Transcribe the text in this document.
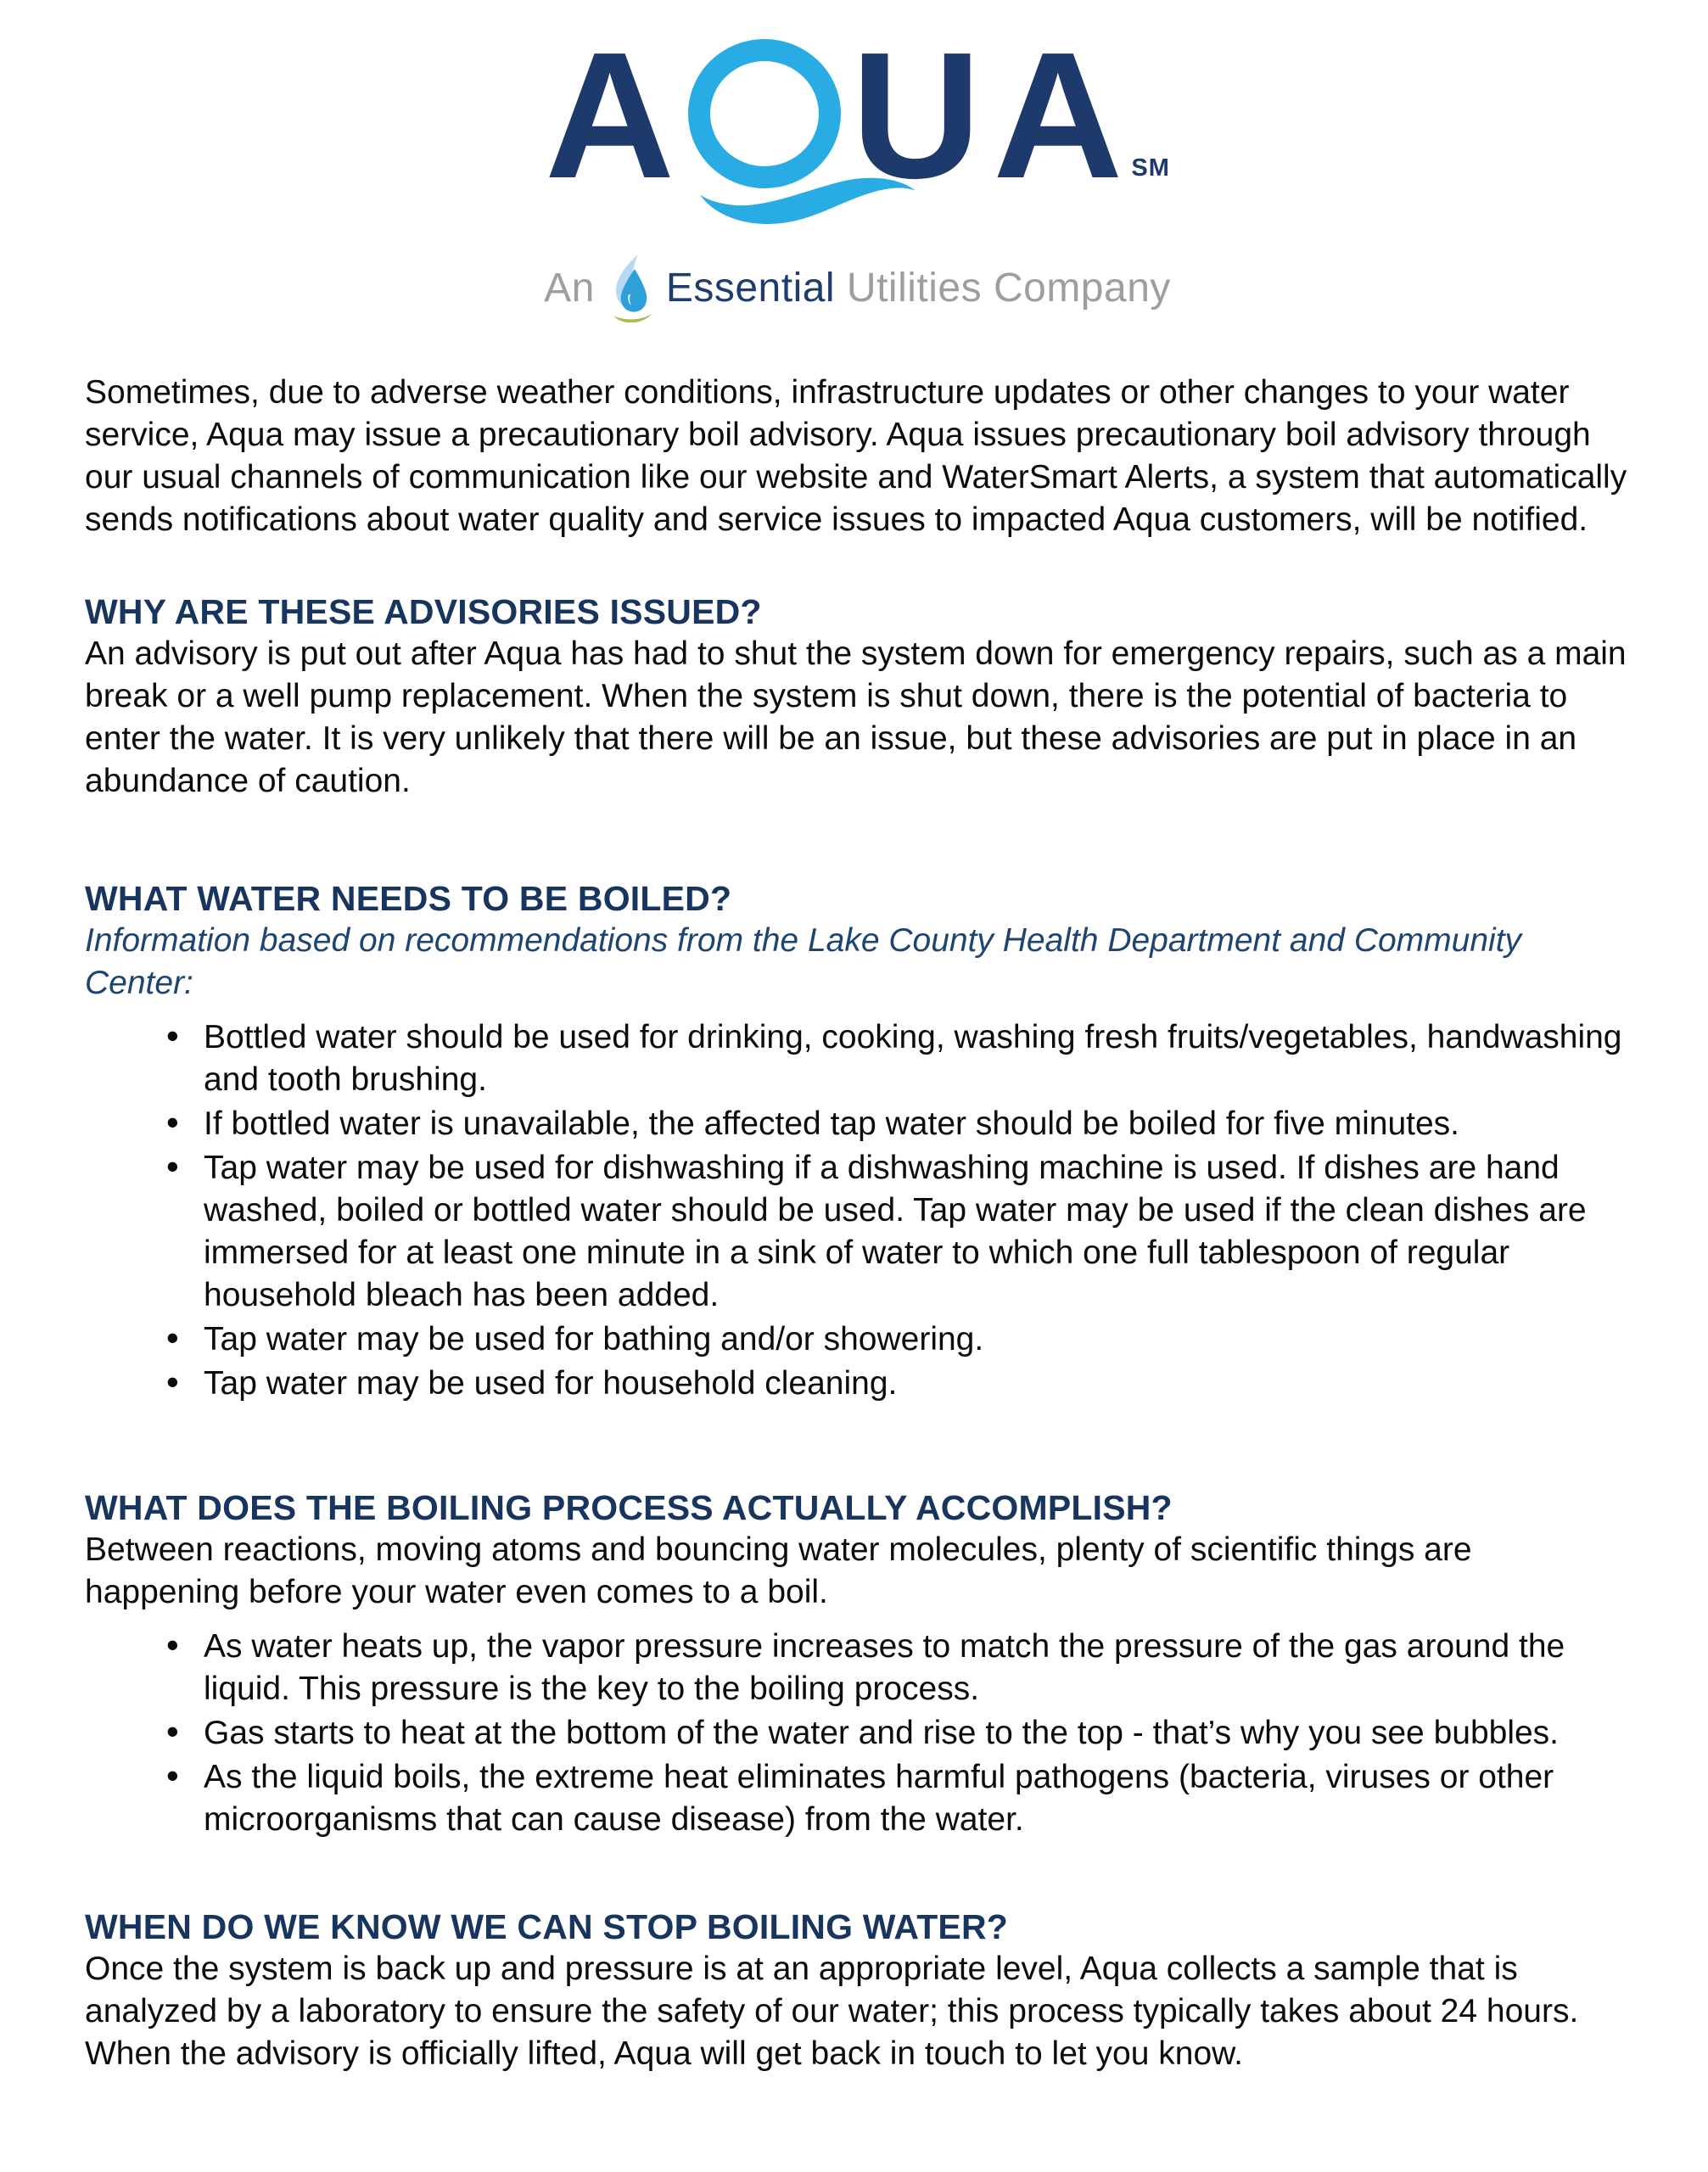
A U A SM
An Essential Utilities Company

Sometimes, due to adverse weather conditions, infrastructure updates or other changes to your water service, Aqua may issue a precautionary boil advisory. Aqua issues precautionary boil advisory through our usual channels of communication like our website and WaterSmart Alerts, a system that automatically sends notifications about water quality and service issues to impacted Aqua customers, will be notified.

WHY ARE THESE ADVISORIES ISSUED?

An advisory is put out after Aqua has had to shut the system down for emergency repairs, such as a main break or a well pump replacement. When the system is shut down, there is the potential of bacteria to enter the water. It is very unlikely that there will be an issue, but these advisories are put in place in an abundance of caution.

WHAT WATER NEEDS TO BE BOILED?

Information based on recommendations from the Lake County Health Department and Community Center:

• Bottled water should be used for drinking, cooking, washing fresh fruits/vegetables, handwashing and tooth brushing.
• If bottled water is unavailable, the affected tap water should be boiled for five minutes.
• Tap water may be used for dishwashing if a dishwashing machine is used. If dishes are hand washed, boiled or bottled water should be used. Tap water may be used if the clean dishes are immersed for at least one minute in a sink of water to which one full tablespoon of regular household bleach has been added.
• Tap water may be used for bathing and/or showering.
• Tap water may be used for household cleaning.
WHAT DOES THE BOILING PROCESS ACTUALLY ACCOMPLISH?

Between reactions, moving atoms and bouncing water molecules, plenty of scientific things are happening before your water even comes to a boil.

• As water heats up, the vapor pressure increases to match the pressure of the gas around the liquid. This pressure is the key to the boiling process.
• Gas starts to heat at the bottom of the water and rise to the top - that’s why you see bubbles.
• As the liquid boils, the extreme heat eliminates harmful pathogens (bacteria, viruses or other microorganisms that can cause disease) from the water.
WHEN DO WE KNOW WE CAN STOP BOILING WATER?

Once the system is back up and pressure is at an appropriate level, Aqua collects a sample that is analyzed by a laboratory to ensure the safety of our water; this process typically takes about 24 hours. When the advisory is officially lifted, Aqua will get back in touch to let you know.
